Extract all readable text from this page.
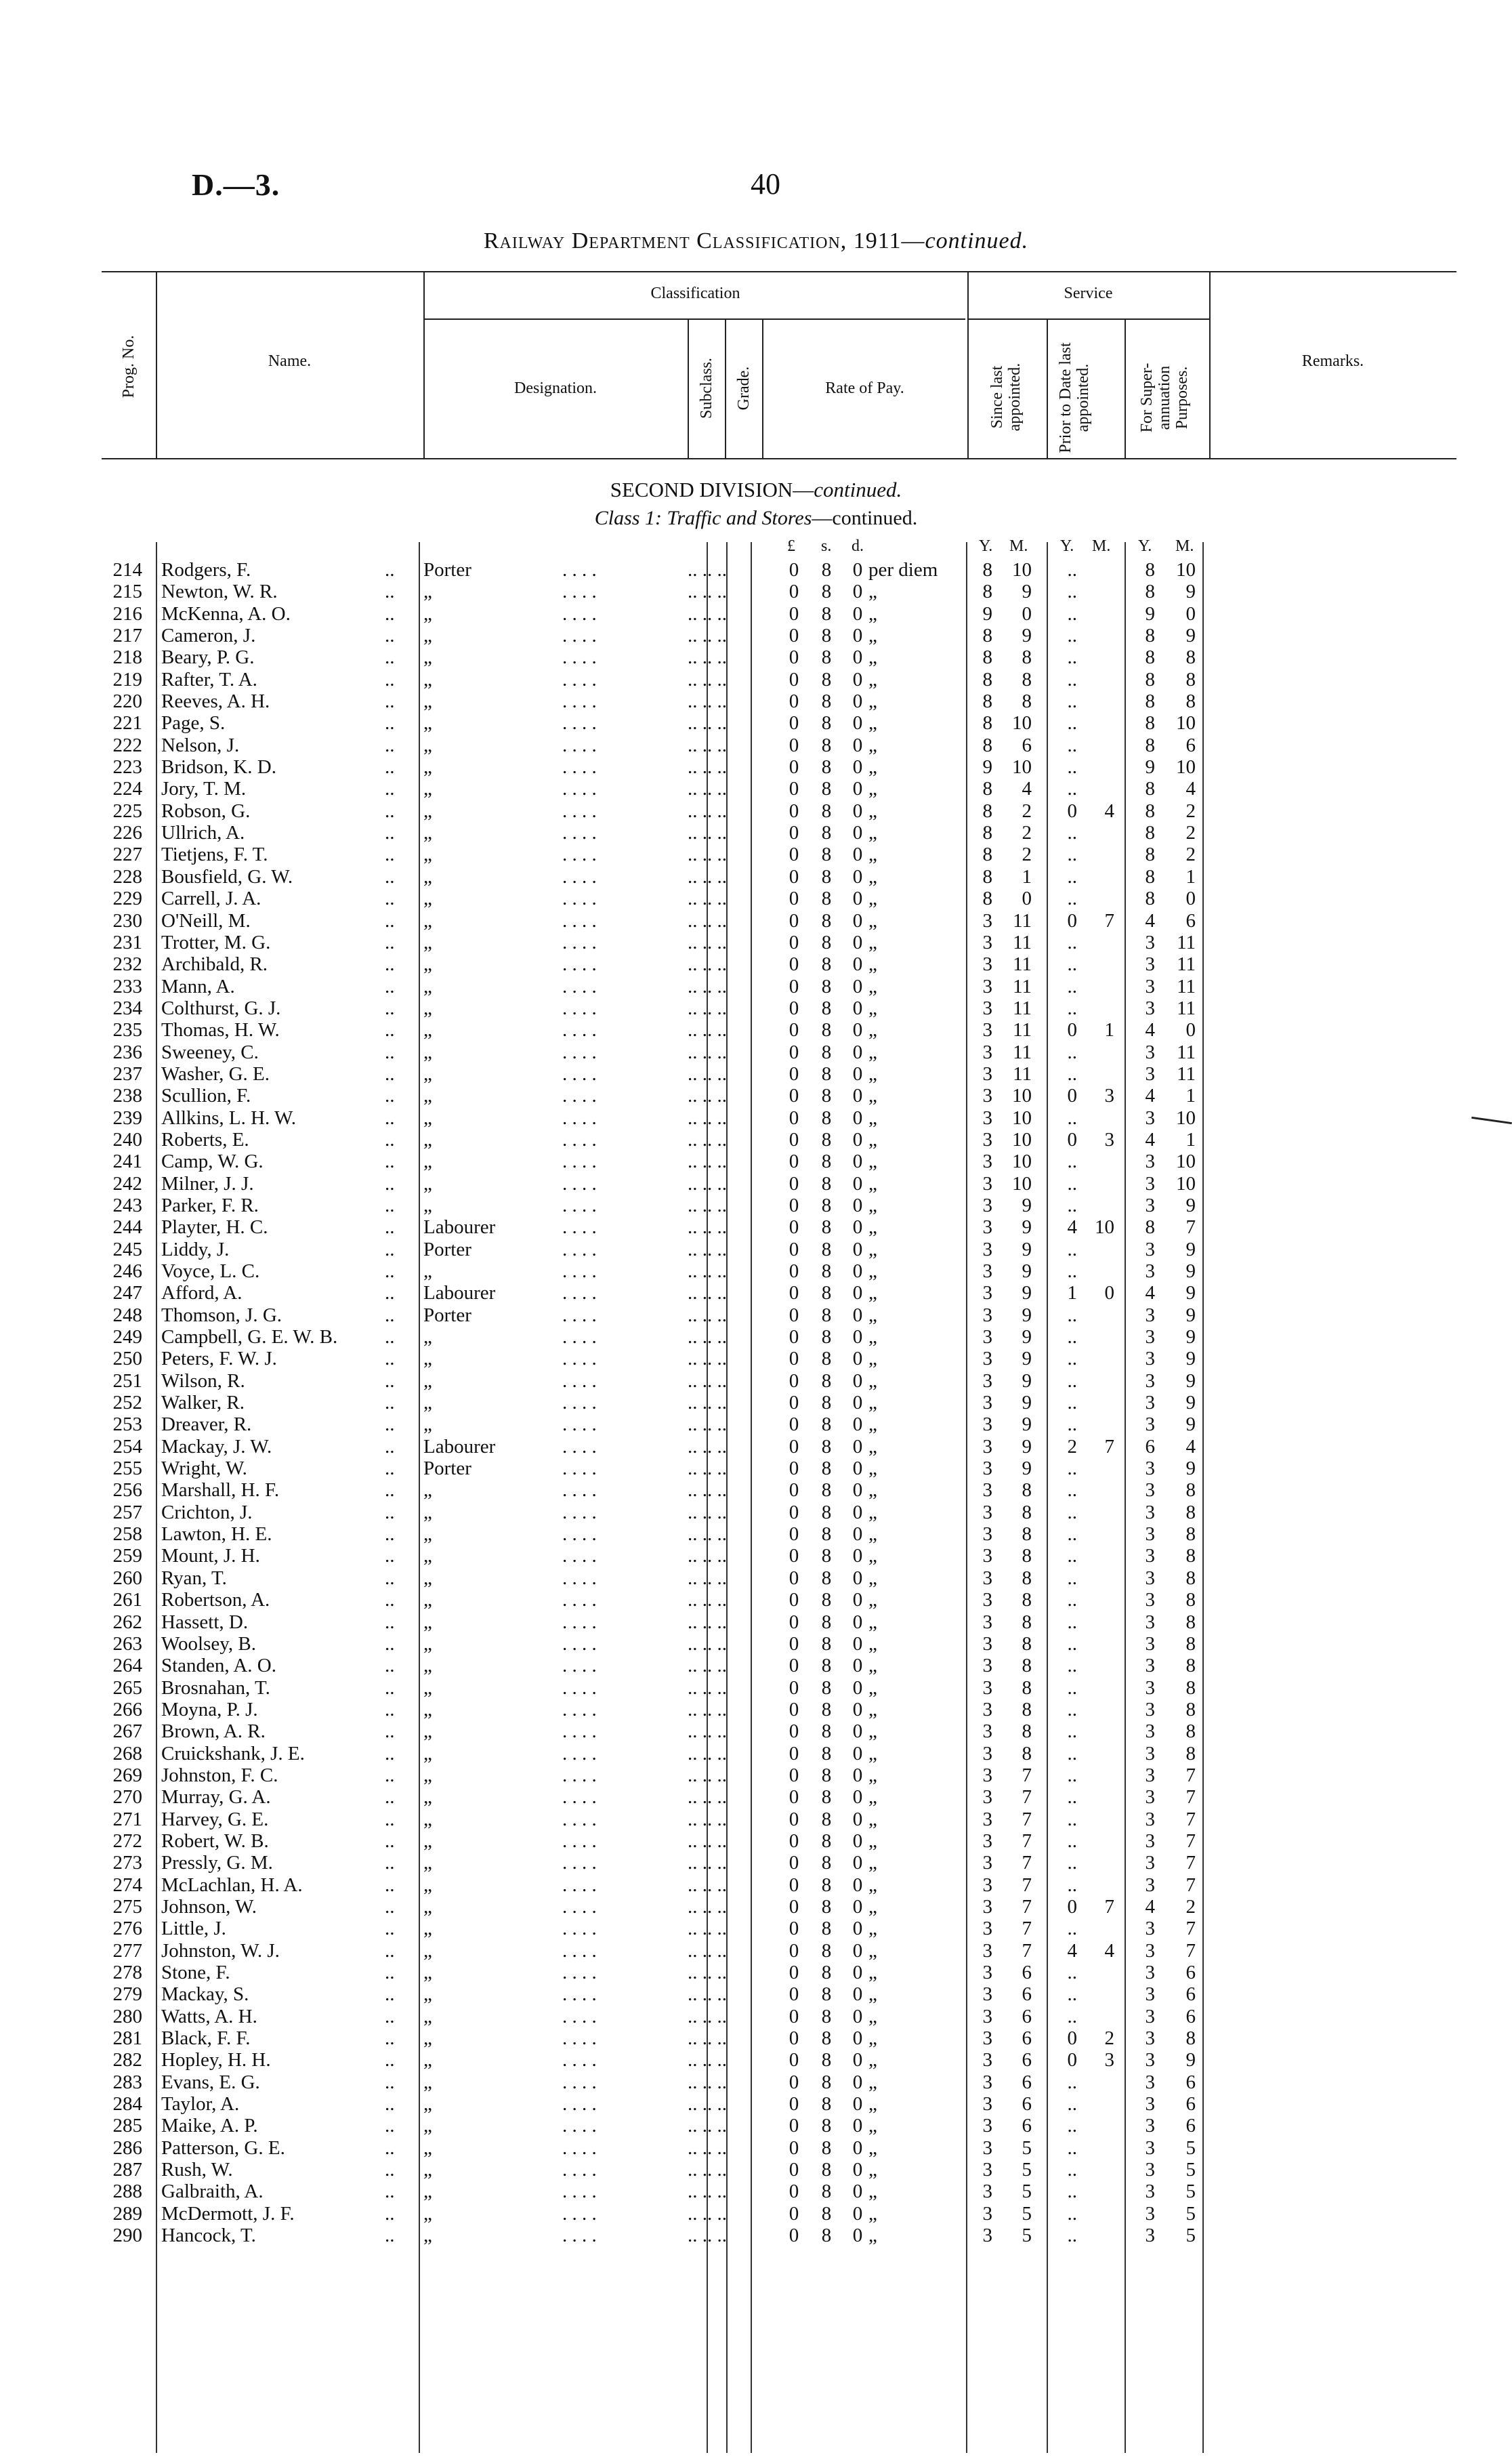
D.—3.	40
Railway Department Classification, 1911—continued.
Classification	Service
Prog. No.	Name.
Designation.	Subclass. Grade.	Rate of Pay.	Since last appointed. Prior to Date last appointed.	For Super-annuation Purposes.
Remarks.
SECOND DIVISION—continued.
Class 1: Traffic and Stores—continued.
£ s. d.	Y. M. Y. M. Y. M.
214 Rodgers, F.	.. Porter	. . . .	.. .. ..	0	8	0 per diem	8	10	..	8	10
215 Newton, W. R.	.. „	. . . .	.. .. ..	0	8	0 „	8	9	..	8	9
216 McKenna, A. O.	.. „	. . . .	.. .. ..	0	8	0 „	9	0	..	9	0
217 Cameron, J.	.. „	. . . .	.. .. ..	0	8	0 „	8	9	..	8	9
218 Beary, P. G.	.. „	. . . .	.. .. ..	0	8	0 „	8	8	..	8	8
219 Rafter, T. A.	.. „	. . . .	.. .. ..	0	8	0 „	8	8	..	8	8
220 Reeves, A. H.	.. „	. . . .	.. .. ..	0	8	0 „	8	8	..	8	8
221 Page, S.	.. „	. . . .	.. .. ..	0	8	0 „	8	10	..	8	10
222 Nelson, J.	.. „	. . . .	.. .. ..	0	8	0 „	8	6	..	8	6
223 Bridson, K. D.	.. „	. . . .	.. .. ..	0	8	0 „	9	10	..	9	10
224 Jory, T. M.	.. „	. . . .	.. .. ..	0	8	0 „	8	4	..	8	4
225 Robson, G.	.. „	. . . .	.. .. ..	0	8	0 „	8	2	0	4	8	2
226 Ullrich, A.	.. „	. . . .	.. .. ..	0	8	0 „	8	2	..	8	2
227 Tietjens, F. T.	.. „	. . . .	.. .. ..	0	8	0 „	8	2	..	8	2
228 Bousfield, G. W.	.. „	. . . .	.. .. ..	0	8	0 „	8	1	..	8	1
229 Carrell, J. A.	.. „	. . . .	.. .. ..	0	8	0 „	8	0	..	8	0
230 O'Neill, M.	.. „	. . . .	.. .. ..	0	8	0 „	3	11	0	7	4	6
231 Trotter, M. G.	.. „	. . . .	.. .. ..	0	8	0 „	3	11	..	3	11
232 Archibald, R.	.. „	. . . .	.. .. ..	0	8	0 „	3	11	..	3	11
233 Mann, A.	.. „	. . . .	.. .. ..	0	8	0 „	3	11	..	3	11
234 Colthurst, G. J.	.. „	. . . .	.. .. ..	0	8	0 „	3	11	..	3	11
235 Thomas, H. W.	.. „	. . . .	.. .. ..	0	8	0 „	3	11	0	1	4	0
236 Sweeney, C.	.. „	. . . .	.. .. ..	0	8	0 „	3	11	..	3	11
237 Washer, G. E.	.. „	. . . .	.. .. ..	0	8	0 „	3	11	..	3	11
238 Scullion, F.	.. „	. . . .	.. .. ..	0	8	0 „	3	10	0	3	4	1
239 Allkins, L. H. W.	.. „	. . . .	.. .. ..	0	8	0 „	3	10	..	3	10
240 Roberts, E.	.. „	. . . .	.. .. ..	0	8	0 „	3	10	0	3	4	1
241 Camp, W. G.	.. „	. . . .	.. .. ..	0	8	0 „	3	10	..	3	10
242 Milner, J. J.	.. „	. . . .	.. .. ..	0	8	0 „	3	10	..	3	10
243 Parker, F. R.	.. „	. . . .	.. .. ..	0	8	0 „	3	9	..	3	9
244 Playter, H. C.	.. Labourer	. . . .	.. .. ..	0	8	0 „	3	9	4 10	8	7
245 Liddy, J.	.. Porter	. . . .	.. .. ..	0	8	0 „	3	9	..	3	9
246 Voyce, L. C.	.. „	. . . .	.. .. ..	0	8	0 „	3	9	..	3	9
247 Afford, A.	.. Labourer	. . . .	.. .. ..	0	8	0 „	3	9	1	0	4	9
248 Thomson, J. G.	.. Porter	. . . .	.. .. ..	0	8	0 „	3	9	..	3	9
249 Campbell, G. E. W. B. .. „	. . . .	.. .. ..	0	8	0 „	3	9	..	3	9
250 Peters, F. W. J.	.. „	. . . .	.. .. ..	0	8	0 „	3	9	..	3	9
251 Wilson, R.	.. „	. . . .	.. .. ..	0	8	0 „	3	9	..	3	9
252 Walker, R.	.. „	. . . .	.. .. ..	0	8	0 „	3	9	..	3	9
253 Dreaver, R.	.. „	. . . .	.. .. ..	0	8	0 „	3	9	..	3	9
254 Mackay, J. W.	.. Labourer	. . . .	.. .. ..	0	8	0 „	3	9	2	7	6	4
255 Wright, W.	.. Porter	. . . .	.. .. ..	0	8	0 „	3	9	..	3	9
256 Marshall, H. F.	.. „	. . . .	.. .. ..	0	8	0 „	3	8	..	3	8
257 Crichton, J.	.. „	. . . .	.. .. ..	0	8	0 „	3	8	..	3	8
258 Lawton, H. E.	.. „	. . . .	.. .. ..	0	8	0 „	3	8	..	3	8
259 Mount, J. H.	.. „	. . . .	.. .. ..	0	8	0 „	3	8	..	3	8
260 Ryan, T.	.. „	. . . .	.. .. ..	0	8	0 „	3	8	..	3	8
261 Robertson, A.	.. „	. . . .	.. .. ..	0	8	0 „	3	8	..	3	8
262 Hassett, D.	.. „	. . . .	.. .. ..	0	8	0 „	3	8	..	3	8
263 Woolsey, B.	.. „	. . . .	.. .. ..	0	8	0 „	3	8	..	3	8
264 Standen, A. O.	.. „	. . . .	.. .. ..	0	8	0 „	3	8	..	3	8
265 Brosnahan, T.	.. „	. . . .	.. .. ..	0	8	0 „	3	8	..	3	8
266 Moyna, P. J.	.. „	. . . .	.. .. ..	0	8	0 „	3	8	..	3	8
267 Brown, A. R.	.. „	. . . .	.. .. ..	0	8	0 „	3	8	..	3	8
268 Cruickshank, J. E.	.. „	. . . .	.. .. ..	0	8	0 „	3	8	..	3	8
269 Johnston, F. C.	.. „	. . . .	.. .. ..	0	8	0 „	3	7	..	3	7
270 Murray, G. A.	.. „	. . . .	.. .. ..	0	8	0 „	3	7	..	3	7
271 Harvey, G. E.	.. „	. . . .	.. .. ..	0	8	0 „	3	7	..	3	7
272 Robert, W. B.	.. „	. . . .	.. .. ..	0	8	0 „	3	7	..	3	7
273 Pressly, G. M.	.. „	. . . .	.. .. ..	0	8	0 „	3	7	..	3	7
274 McLachlan, H. A.	.. „	. . . .	.. .. ..	0	8	0 „	3	7	..	3	7
275 Johnson, W.	.. „	. . . .	.. .. ..	0	8	0 „	3	7	0	7	4	2
276 Little, J.	.. „	. . . .	.. .. ..	0	8	0 „	3	7	..	3	7
277 Johnston, W. J.	.. „	. . . .	.. .. ..	0	8	0 „	3	7	4	4	3	7
278 Stone, F.	.. „	. . . .	.. .. ..	0	8	0 „	3	6	..	3	6
279 Mackay, S.	.. „	. . . .	.. .. ..	0	8	0 „	3	6	..	3	6
280 Watts, A. H.	.. „	. . . .	.. .. ..	0	8	0 „	3	6	..	3	6
281 Black, F. F.	.. „	. . . .	.. .. ..	0	8	0 „	3	6	0	2	3	8
282 Hopley, H. H.	.. „	. . . .	.. .. ..	0	8	0 „	3	6	0	3	3	9
283 Evans, E. G.	.. „	. . . .	.. .. ..	0	8	0 „	3	6	..	3	6
284 Taylor, A.	.. „	. . . .	.. .. ..	0	8	0 „	3	6	..	3	6
285 Maike, A. P.	.. „	. . . .	.. .. ..	0	8	0 „	3	6	..	3	6
286 Patterson, G. E.	.. „	. . . .	.. .. ..	0	8	0 „	3	5	..	3	5
287 Rush, W.	.. „	. . . .	.. .. ..	0	8	0 „	3	5	..	3	5
288 Galbraith, A.	.. „	. . . .	.. .. ..	0	8	0 „	3	5	..	3	5
289 McDermott, J. F.	.. „	. . . .	.. .. ..	0	8	0 „	3	5	..	3	5
290 Hancock, T.	.. „	. . . .	.. .. ..	0	8	0 „	3	5	..	3	5
